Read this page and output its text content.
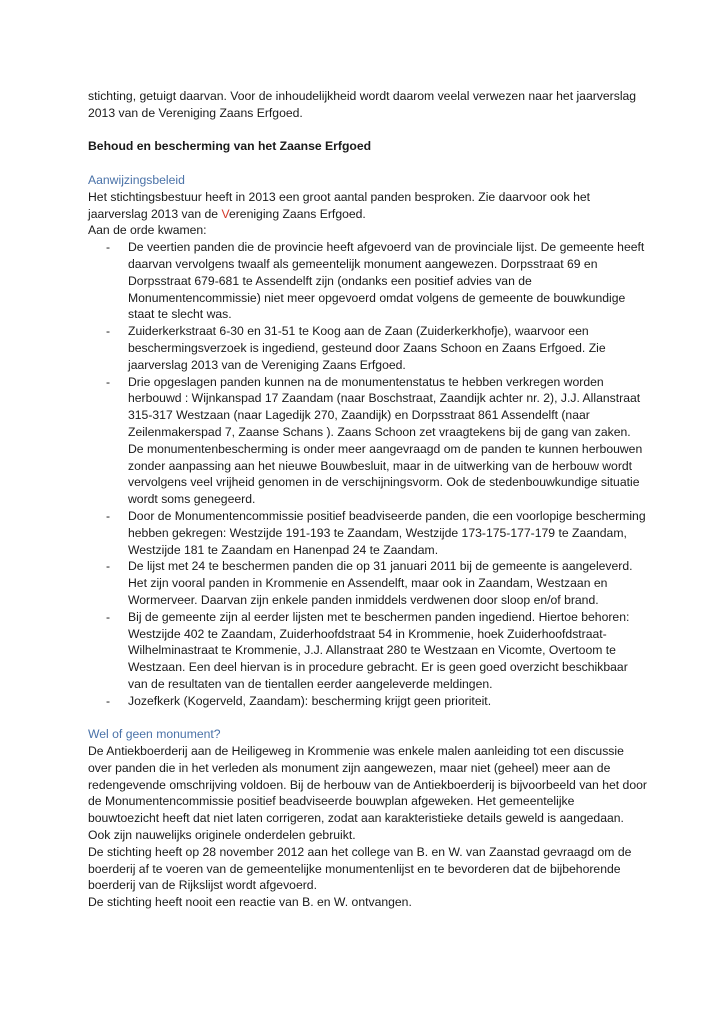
stichting, getuigt daarvan. Voor de inhoudelijkheid wordt daarom veelal verwezen naar het jaarverslag 2013 van de Vereniging Zaans Erfgoed.

Behoud en bescherming van het Zaanse Erfgoed

Aanwijzingsbeleid

Het stichtingsbestuur heeft in 2013 een groot aantal panden besproken. Zie daarvoor ook het jaarverslag 2013 van de Vereniging Zaans Erfgoed.

Aan de orde kwamen:

- De veertien panden die de provincie heeft afgevoerd van de provinciale lijst. De gemeente heeft daarvan vervolgens twaalf als gemeentelijk monument aangewezen. Dorpsstraat 69 en Dorpsstraat 679-681 te Assendelft zijn (ondanks een positief advies van de Monumentencommissie) niet meer opgevoerd omdat volgens de gemeente de bouwkundige staat te slecht was.
- Zuiderkerkstraat 6-30 en 31-51 te Koog aan de Zaan (Zuiderkerkhofje), waarvoor een beschermingsverzoek is ingediend, gesteund door Zaans Schoon en Zaans Erfgoed. Zie jaarverslag 2013 van de Vereniging Zaans Erfgoed.
- Drie opgeslagen panden kunnen na de monumentenstatus te hebben verkregen worden herbouwd : Wijnkanspad 17 Zaandam (naar Boschstraat, Zaandijk achter nr. 2), J.J. Allanstraat 315-317 Westzaan (naar Lagedijk 270, Zaandijk) en Dorpsstraat 861 Assendelft (naar Zeilenmakerspad 7, Zaanse Schans ). Zaans Schoon zet vraagtekens bij de gang van zaken. De monumentenbescherming is onder meer aangevraagd om de panden te kunnen herbouwen zonder aanpassing aan het nieuwe Bouwbesluit, maar in de uitwerking van de herbouw wordt vervolgens veel vrijheid genomen in de verschijningsvorm. Ook de stedenbouwkundige situatie wordt soms genegeerd.
- Door de Monumentencommissie positief beadviseerde panden, die een voorlopige bescherming hebben gekregen: Westzijde 191-193 te Zaandam, Westzijde 173-175-177-179 te Zaandam, Westzijde 181 te Zaandam en Hanenpad 24 te Zaandam.
- De lijst met 24 te beschermen panden die op 31 januari 2011 bij de gemeente is aangeleverd. Het zijn vooral panden in Krommenie en Assendelft, maar ook in Zaandam, Westzaan en Wormerveer. Daarvan zijn enkele panden inmiddels verdwenen door sloop en/of brand.
- Bij de gemeente zijn al eerder lijsten met te beschermen panden ingediend. Hiertoe behoren: Westzijde 402 te Zaandam, Zuiderhoofdstraat 54 in Krommenie, hoek Zuiderhoofdstraat-Wilhelminastraat te Krommenie, J.J. Allanstraat 280 te Westzaan en Vicomte, Overtoom te Westzaan. Een deel hiervan is in procedure gebracht. Er is geen goed overzicht beschikbaar van de resultaten van de tientallen eerder aangeleverde meldingen.
- Jozefkerk (Kogerveld, Zaandam): bescherming krijgt geen prioriteit.

Wel of geen monument?

De Antiekboerderij aan de Heiligeweg in Krommenie was enkele malen aanleiding tot een discussie over panden die in het verleden als monument zijn aangewezen, maar niet (geheel) meer aan de redengevende omschrijving voldoen. Bij de herbouw van de Antiekboerderij is bijvoorbeeld van het door de Monumentencommissie positief beadviseerde bouwplan afgeweken. Het gemeentelijke bouwtoezicht heeft dat niet laten corrigeren, zodat aan karakteristieke details geweld is aangedaan. Ook zijn nauwelijks originele onderdelen gebruikt.

De stichting heeft op 28 november 2012 aan het college van B. en W. van Zaanstad gevraagd om de boerderij af te voeren van de gemeentelijke monumentenlijst en te bevorderen dat de bijbehorende boerderij van de Rijkslijst wordt afgevoerd.

De stichting heeft nooit een reactie van B. en W. ontvangen.
